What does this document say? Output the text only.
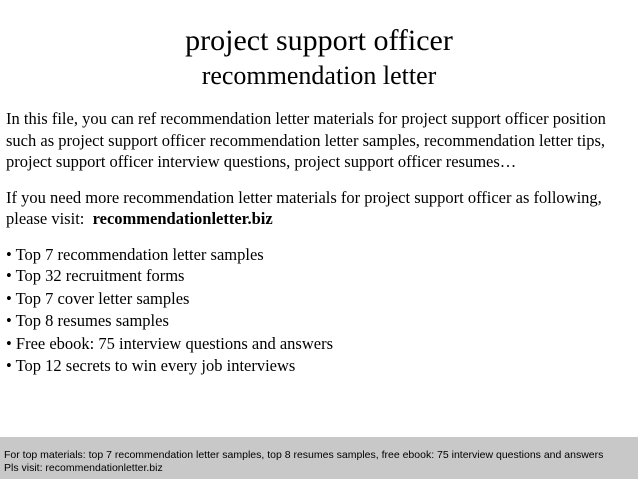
project support officer
recommendation letter

In this file, you can ref recommendation letter materials for project support officer position such as project support officer recommendation letter samples, recommendation letter tips, project support officer interview questions, project support officer resumes…

If you need more recommendation letter materials for project support officer as following, please visit: recommendationletter.biz

• Top 7 recommendation letter samples
• Top 32 recruitment forms
• Top 7 cover letter samples
• Top 8 resumes samples
• Free ebook: 75 interview questions and answers
• Top 12 secrets to win every job interviews
For top materials: top 7 recommendation letter samples, top 8 resumes samples, free ebook: 75 interview questions and answers
Pls visit: recommendationletter.biz
